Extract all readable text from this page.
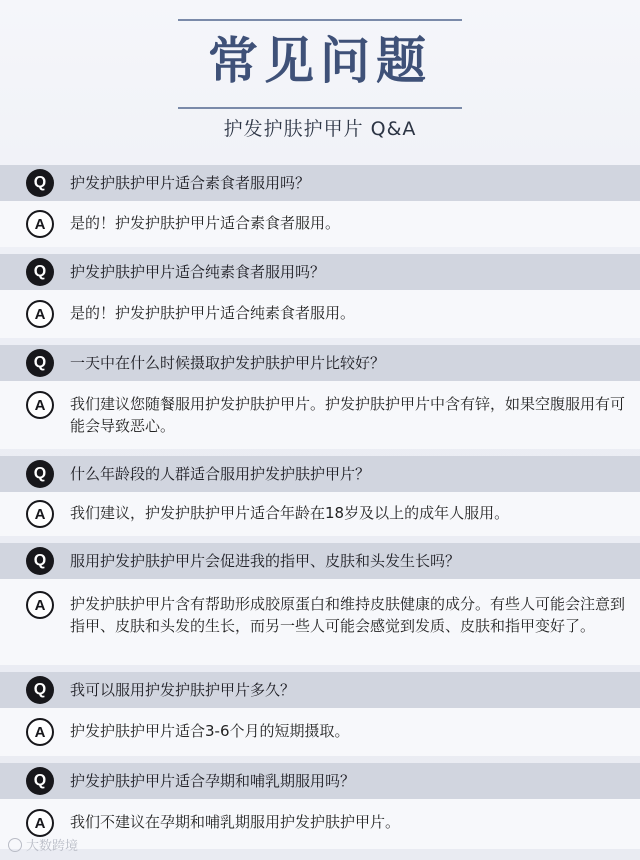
常见问题
护发护肤护甲片 Q&A
Q	护发护肤护甲片适合素食者服用吗？
A	是的！护发护肤护甲片适合素食者服用。
Q	护发护肤护甲片适合纯素食者服用吗？
A	是的！护发护肤护甲片适合纯素食者服用。
Q	一天中在什么时候摄取护发护肤护甲片比较好？
A	我们建议您随餐服用护发护肤护甲片。护发护肤护甲片中含有锌，如果空腹服用有可能会导致恶心。
Q	什么年龄段的人群适合服用护发护肤护甲片？
A	我们建议，护发护肤护甲片适合年龄在18岁及以上的成年人服用。
Q	服用护发护肤护甲片会促进我的指甲、皮肤和头发生长吗？
A	护发护肤护甲片含有帮助形成胶原蛋白和维持皮肤健康的成分。有些人可能会注意到指甲、皮肤和头发的生长，而另一些人可能会感觉到发质、皮肤和指甲变好了。
Q	我可以服用护发护肤护甲片多久？
A	护发护肤护甲片适合3-6个月的短期摄取。
Q	护发护肤护甲片适合孕期和哺乳期服用吗？
A	我们不建议在孕期和哺乳期服用护发护肤护甲片。
大数跨境
